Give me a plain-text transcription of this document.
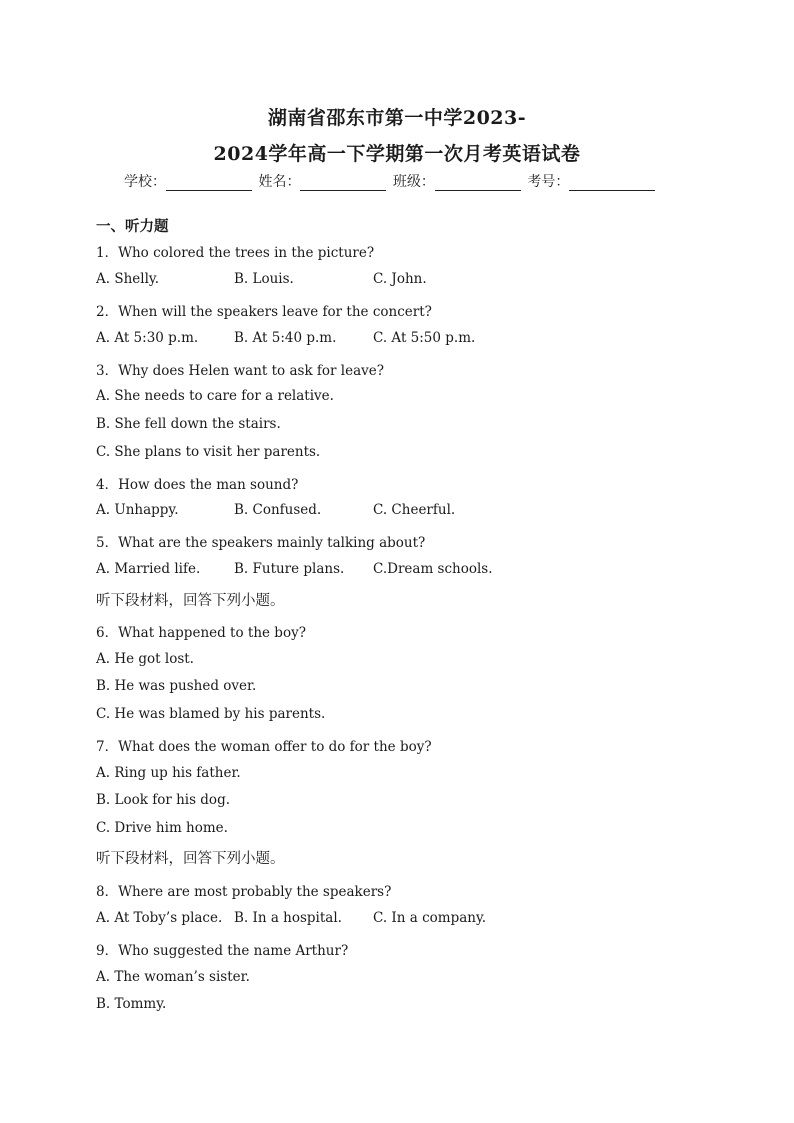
湖南省邵东市第一中学2023-
2024学年高一下学期第一次月考英语试卷
学校：	姓名：	班级：	考号：
一、听力题
1．Who colored the trees in the picture?
A. Shelly.	B. Louis.	C. John.
2．When will the speakers leave for the concert?
A. At 5:30 p.m.	B. At 5:40 p.m.	C. At 5:50 p.m.
3．Why does Helen want to ask for leave?
A. She needs to care for a relative.
B. She fell down the stairs.
C. She plans to visit her parents.
4．How does the man sound?
A. Unhappy.	B. Confused.	C. Cheerful.
5．What are the speakers mainly talking about?
A. Married life. B. Future plans. C.Dream schools.
听下段材料，回答下列小题。
6．What happened to the boy?
A. He got lost.
B. He was pushed over.
C. He was blamed by his parents.
7．What does the woman offer to do for the boy?
A. Ring up his father.
B. Look for his dog.
C. Drive him home.
听下段材料，回答下列小题。
8．Where are most probably the speakers?
A. At Toby’s place. B. In a hospital. C. In a company.
9．Who suggested the name Arthur?
A. The woman’s sister.
B. Tommy.
